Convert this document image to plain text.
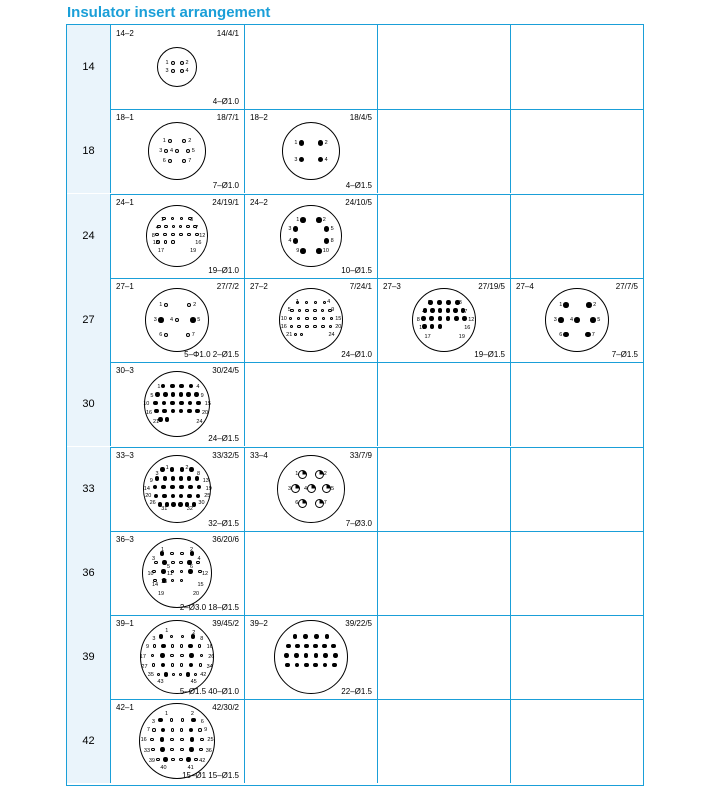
Insulator insert arrangement
14
14–2	14/4/1
4–Ø1.0
1	2
3	4
18
18–1	18/7/1
7–Ø1.0
1	2
3 4	5
6	7
18–2	18/4/5
4–Ø1.5
1	2
3	4
24
24–1	24/19/1
19–Ø1.0
1	3
4	7
8	12
13	16
17	19
24–2	24/10/5
10–Ø1.5
1	2
3	5
4	8
9	10
27
27–1	27/7/2
5–Φ1.0 2–Ø1.5
1	2
3 4	5
6	7
27–2	7/24/1
24–Ø1.0
1	4
5	9
10	15
16	20
21	24
27–3	27/19/5
19–Ø1.5
1	3
4	7
8	12
13	16
17	19
27–4	27/7/5
7–Ø1.5
1	2
3 4	5
6	7
30
30–3	30/24/5
24–Ø1.5
1	4
5	9
10	15
16	20
21	24
33
33–3	33/32/5
32–Ø1.5
1	2
3	8
9	13
14	19
20	25
26	30
31	32
33–4	33/7/9
7–Ø3.0
1	2
3 4	5
6	7
36
36–3	36/20/6
2–Ø3.0 18–Ø1.5
1	2
3	4
5	6
10 11	12
13
14	15
19	20
39
39–1	39/45/2
5–Ø1.5 40–Ø1.0
1	2
3	8
9	16
17	26
27	34
35	42
43	45
39–2	39/22/5
22–Ø1.5
42
42–1	42/30/2
15–Ø1 15–Ø1.5
1	2
3	6
7	9
16	25
33	36
39	42
40	41
